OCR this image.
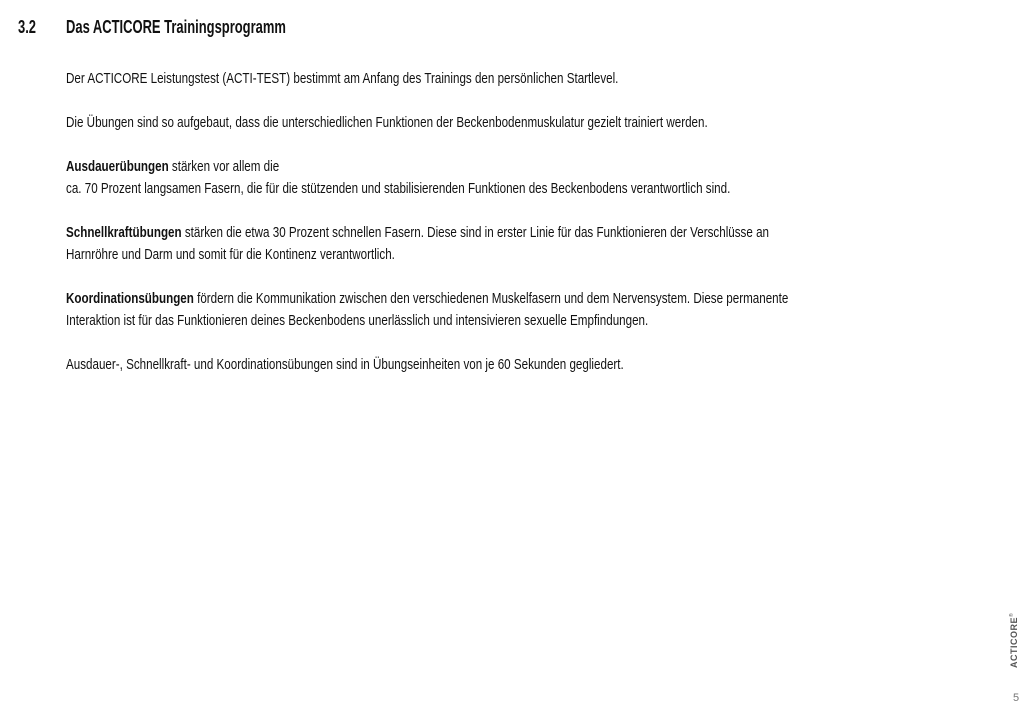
3.2 Das ACTICORE Trainingsprogramm

Der ACTICORE Leistungstest (ACTI-TEST) bestimmt am Anfang des Trainings den persönlichen Startlevel.

Die Übungen sind so aufgebaut, dass die unterschiedlichen Funktionen der Beckenbodenmuskulatur gezielt trainiert werden.

Ausdauerübungen stärken vor allem die
ca. 70 Prozent langsamen Fasern, die für die stützenden und stabilisierenden Funktionen des Beckenbodens verantwortlich sind.

Schnellkraftübungen stärken die etwa 30 Prozent schnellen Fasern. Diese sind in erster Linie für das Funktionieren der Verschlüsse an
Harnröhre und Darm und somit für die Kontinenz verantwortlich.

Koordinationsübungen fördern die Kommunikation zwischen den verschiedenen Muskelfasern und dem Nervensystem. Diese permanente
Interaktion ist für das Funktionieren deines Beckenbodens unerlässlich und intensivieren sexuelle Empfindungen.

Ausdauer-, Schnellkraft- und Koordinationsübungen sind in Übungseinheiten von je 60 Sekunden gegliedert.

ACTICORE®
5
